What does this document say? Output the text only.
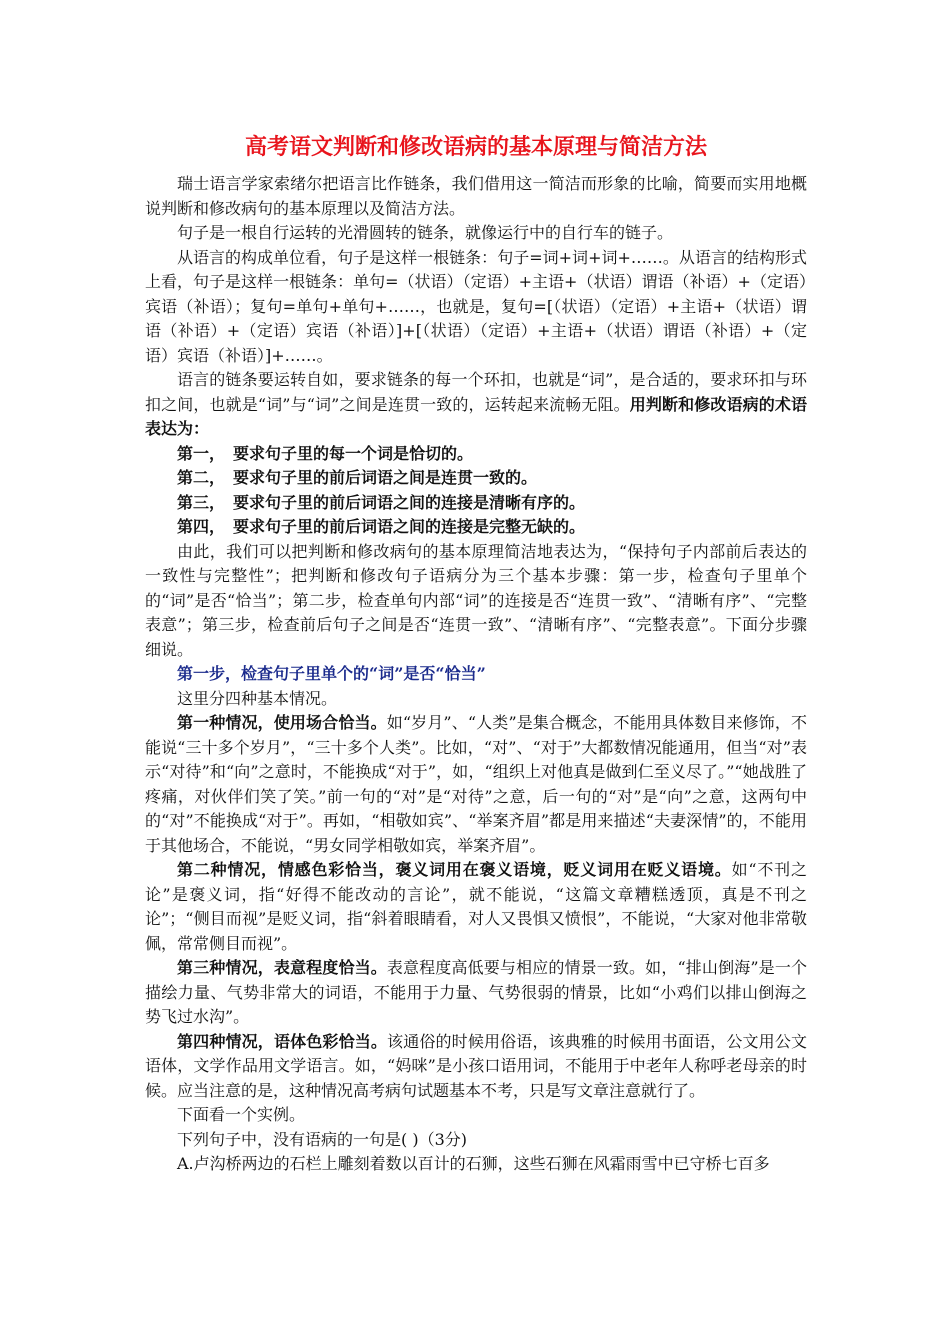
高考语文判断和修改语病的基本原理与简洁方法

瑞士语言学家索绪尔把语言比作链条，我们借用这一简洁而形象的比喻，简要而实用地概说判断和修改病句的基本原理以及简洁方法。

句子是一根自行运转的光滑圆转的链条，就像运行中的自行车的链子。

从语言的构成单位看，句子是这样一根链条：句子=词+词+词+……。从语言的结构形式上看，句子是这样一根链条：单句=（状语）（定语）+主语+（状语）谓语（补语）+（定语）宾语（补语）；复句=单句+单句+……，也就是，复句=[（状语）（定语）+主语+（状语）谓语（补语）+（定语）宾语（补语）]+[（状语）（定语）+主语+（状语）谓语（补语）+（定语）宾语（补语）]+……。

语言的链条要运转自如，要求链条的每一个环扣，也就是“词”，是合适的，要求环扣与环扣之间，也就是“词”与“词”之间是连贯一致的，运转起来流畅无阻。用判断和修改语病的术语表达为：

第一，　要求句子里的每一个词是恰切的。

第二，　要求句子里的前后词语之间是连贯一致的。

第三，　要求句子里的前后词语之间的连接是清晰有序的。

第四，　要求句子里的前后词语之间的连接是完整无缺的。

由此，我们可以把判断和修改病句的基本原理简洁地表达为，“保持句子内部前后表达的一致性与完整性”；把判断和修改句子语病分为三个基本步骤：第一步，检查句子里单个的“词”是否“恰当”；第二步，检查单句内部“词”的连接是否“连贯一致”、“清晰有序”、“完整表意”；第三步，检查前后句子之间是否“连贯一致”、“清晰有序”、“完整表意”。下面分步骤细说。

第一步，检查句子里单个的“词”是否“恰当”

这里分四种基本情况。

第一种情况，使用场合恰当。如“岁月”、“人类”是集合概念，不能用具体数目来修饰，不能说“三十多个岁月”，“三十多个人类”。比如，“对”、“对于”大都数情况能通用，但当“对”表示“对待”和“向”之意时，不能换成“对于”，如，“组织上对他真是做到仁至义尽了。”“她战胜了疼痛，对伙伴们笑了笑。”前一句的“对”是“对待”之意，后一句的“对”是“向”之意，这两句中的“对”不能换成“对于”。再如，“相敬如宾”、“举案齐眉”都是用来描述“夫妻深情”的，不能用于其他场合，不能说，“男女同学相敬如宾，举案齐眉”。

第二种情况，情感色彩恰当，褒义词用在褒义语境，贬义词用在贬义语境。如“不刊之论”是褒义词，指“好得不能改动的言论”，就不能说，“这篇文章糟糕透顶，真是不刊之论”；“侧目而视”是贬义词，指“斜着眼睛看，对人又畏惧又愤恨”，不能说，“大家对他非常敬佩，常常侧目而视”。

第三种情况，表意程度恰当。表意程度高低要与相应的情景一致。如，“排山倒海”是一个描绘力量、气势非常大的词语，不能用于力量、气势很弱的情景，比如“小鸡们以排山倒海之势飞过水沟”。

第四种情况，语体色彩恰当。该通俗的时候用俗语，该典雅的时候用书面语，公文用公文语体，文学作品用文学语言。如，“妈咪”是小孩口语用词，不能用于中老年人称呼老母亲的时候。应当注意的是，这种情况高考病句试题基本不考，只是写文章注意就行了。

下面看一个实例。

下列句子中，没有语病的一句是( )（3分)

A.卢沟桥两边的石栏上雕刻着数以百计的石狮，这些石狮在风霜雨雪中已守桥七百多
